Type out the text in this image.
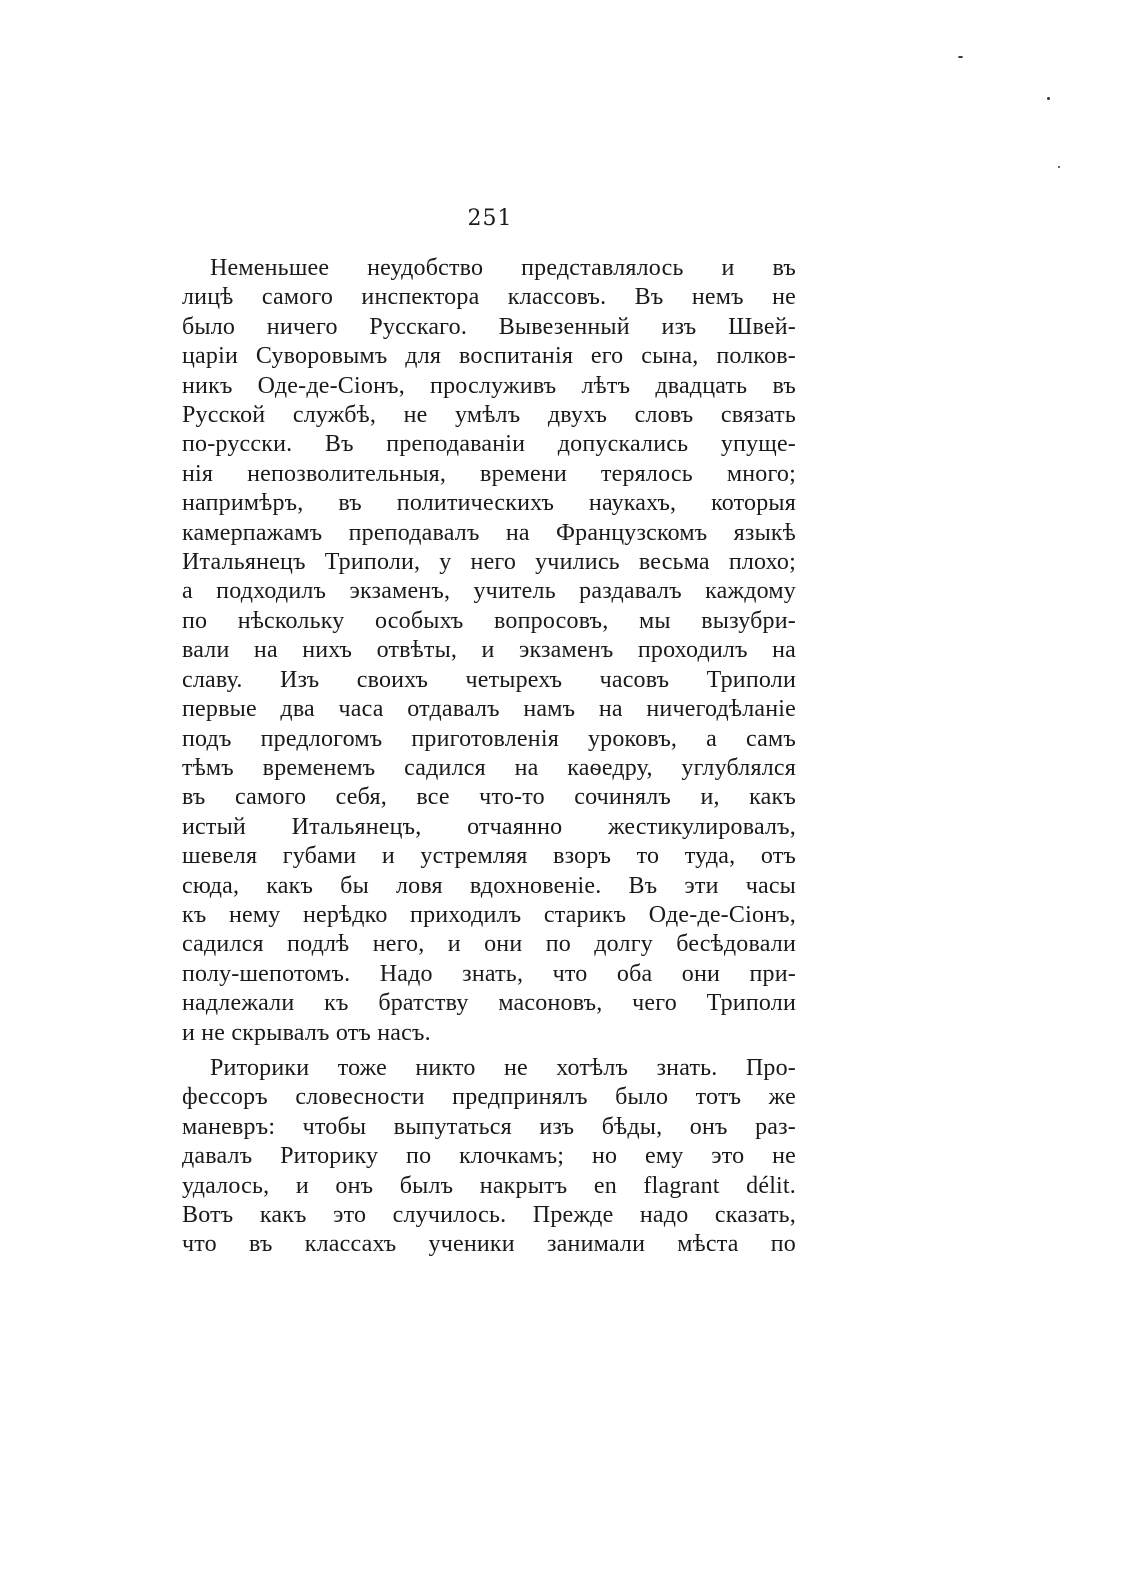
251
Неменьшее неудобство представлялось и въ
лицѣ самого инспектора классовъ. Въ немъ не
было ничего Русскаго. Вывезенный изъ Швей-
царіи Суворовымъ для воспитанія его сына, полков-
никъ Оде-де-Сіонъ, прослуживъ лѣтъ двадцать въ
Русской службѣ, не умѣлъ двухъ словъ связать
по-русски. Въ преподаваніи допускались упуще-
нія непозволительныя, времени терялось много;
напримѣръ, въ политическихъ наукахъ, которыя
камерпажамъ преподавалъ на Французскомъ языкѣ
Итальянецъ Триполи, у него учились весьма плохо;
а подходилъ экзаменъ, учитель раздавалъ каждому
по нѣскольку особыхъ вопросовъ, мы вызубри-
вали на нихъ отвѣты, и экзаменъ проходилъ на
славу. Изъ своихъ четырехъ часовъ Триполи
первые два часа отдавалъ намъ на ничегодѣланіе
подъ предлогомъ приготовленія уроковъ, а самъ
тѣмъ временемъ садился на каѳедру, углублялся
въ самого себя, все что-то сочинялъ и, какъ
истый Итальянецъ, отчаянно жестикулировалъ,
шевеля губами и устремляя взоръ то туда, отъ
сюда, какъ бы ловя вдохновеніе. Въ эти часы
къ нему нерѣдко приходилъ старикъ Оде-де-Сіонъ,
садился подлѣ него, и они по долгу бесѣдовали
полу-шепотомъ. Надо знать, что оба они при-
надлежали къ братству масоновъ, чего Триполи
и не скрывалъ отъ насъ.
Риторики тоже никто не хотѣлъ знать. Про-
фессоръ словесности предпринялъ было тотъ же
маневръ: чтобы выпутаться изъ бѣды, онъ раз-
давалъ Риторику по клочкамъ; но ему это не
удалось, и онъ былъ накрытъ en flagrant délit.
Вотъ какъ это случилось. Прежде надо сказать,
что въ классахъ ученики занимали мѣста по
